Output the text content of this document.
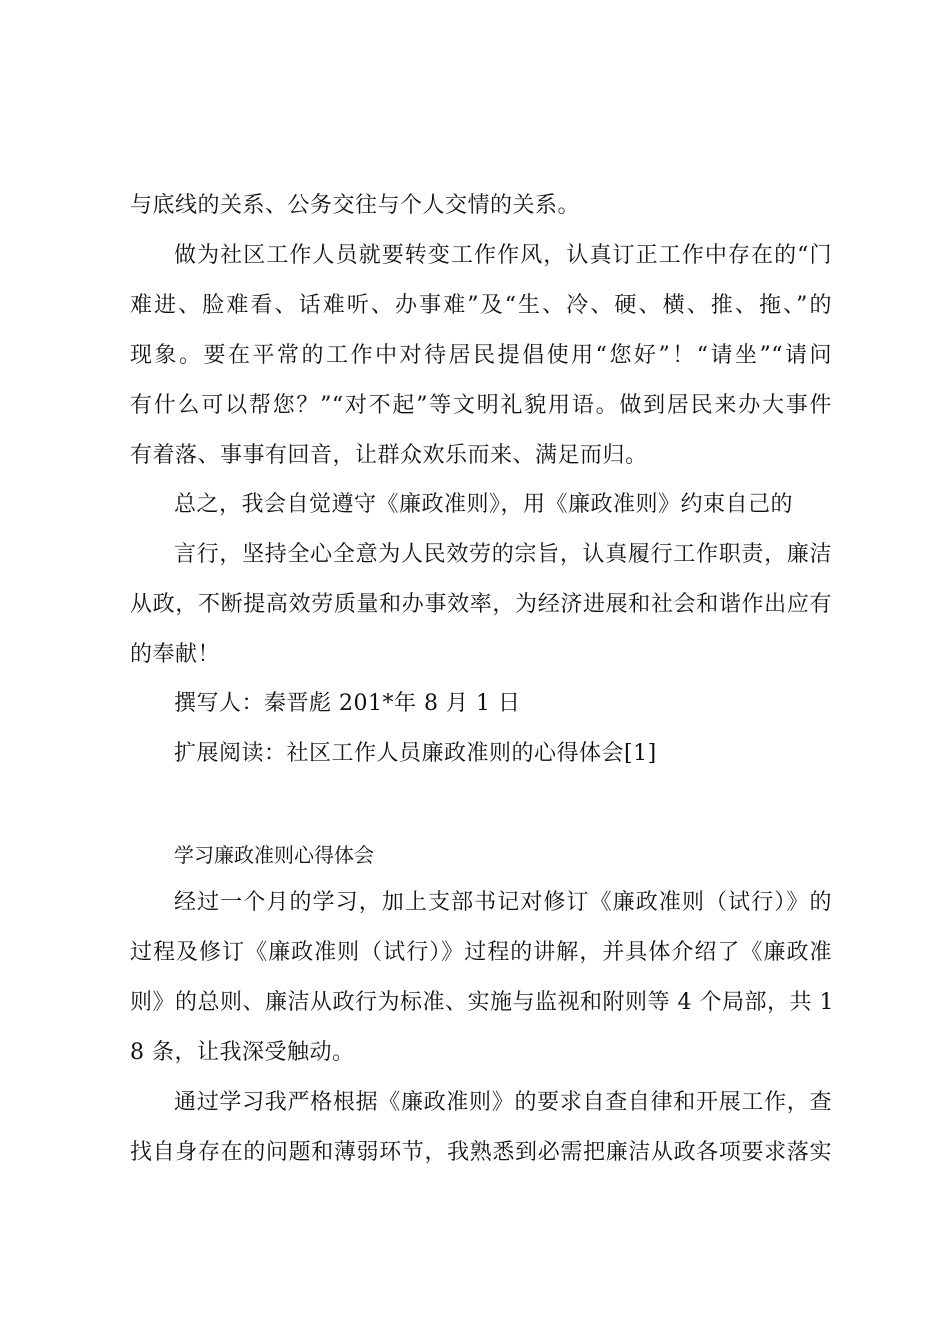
与底线的关系、公务交往与个人交情的关系。
做为社区工作人员就要转变工作作风，认真订正工作中存在的“门
难进、脸难看、话难听、办事难”及“生、冷、硬、横、推、拖、”的
现象。要在平常的工作中对待居民提倡使用“您好”！“请坐”“请问
有什么可以帮您？”“对不起”等文明礼貌用语。做到居民来办大事件
有着落、事事有回音，让群众欢乐而来、满足而归。
总之，我会自觉遵守《廉政准则》，用《廉政准则》约束自己的
言行，坚持全心全意为人民效劳的宗旨，认真履行工作职责，廉洁
从政，不断提高效劳质量和办事效率，为经济进展和社会和谐作出应有
的奉献！
撰写人：秦晋彪 201*年 8 月 1 日
扩展阅读：社区工作人员廉政准则的心得体会[1]
学习廉政准则心得体会
经过一个月的学习，加上支部书记对修订《廉政准则（试行）》的
过程及修订《廉政准则（试行）》过程的讲解，并具体介绍了《廉政准
则》的总则、廉洁从政行为标准、实施与监视和附则等 4 个局部，共 1
8 条，让我深受触动。
通过学习我严格根据《廉政准则》的要求自查自律和开展工作，查
找自身存在的问题和薄弱环节，我熟悉到必需把廉洁从政各项要求落实
